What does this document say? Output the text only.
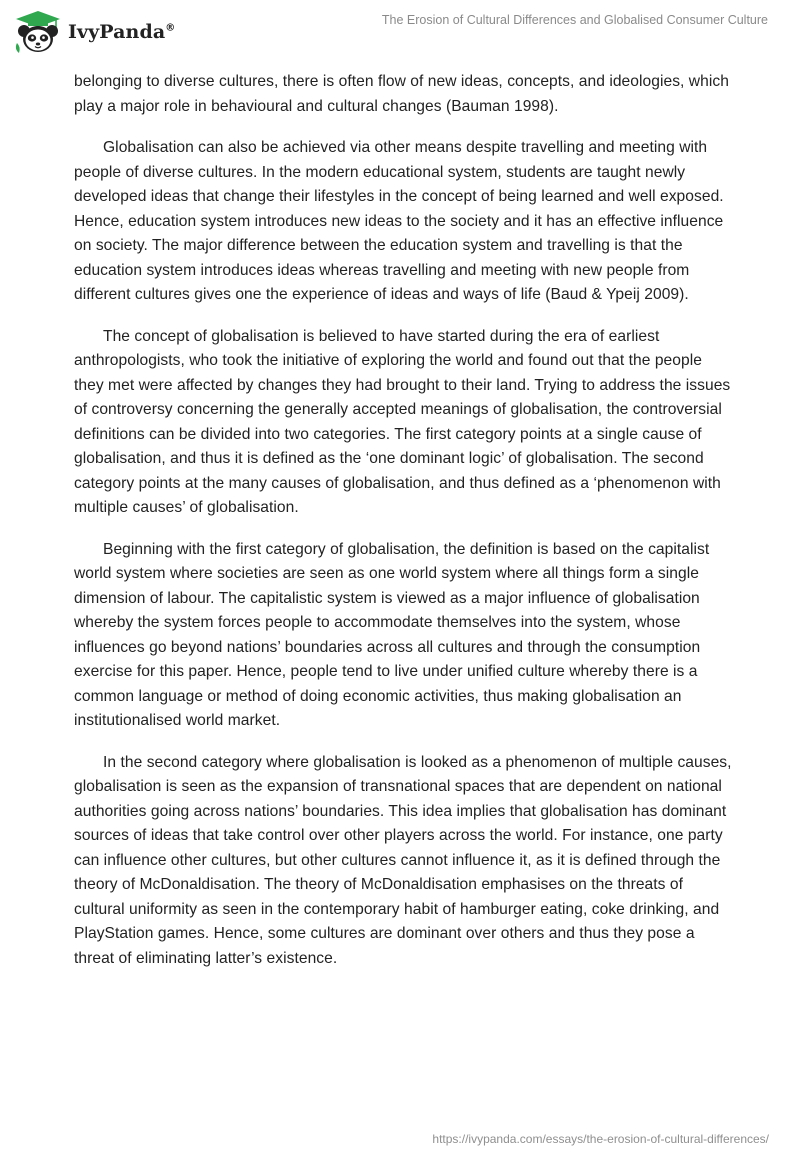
IvyPanda®
The Erosion of Cultural Differences and Globalised Consumer Culture

belonging to diverse cultures, there is often flow of new ideas, concepts, and ideologies, which play a major role in behavioural and cultural changes (Bauman 1998).

Globalisation can also be achieved via other means despite travelling and meeting with people of diverse cultures. In the modern educational system, students are taught newly developed ideas that change their lifestyles in the concept of being learned and well exposed. Hence, education system introduces new ideas to the society and it has an effective influence on society. The major difference between the education system and travelling is that the education system introduces ideas whereas travelling and meeting with new people from different cultures gives one the experience of ideas and ways of life (Baud & Ypeij 2009).

The concept of globalisation is believed to have started during the era of earliest anthropologists, who took the initiative of exploring the world and found out that the people they met were affected by changes they had brought to their land. Trying to address the issues of controversy concerning the generally accepted meanings of globalisation, the controversial definitions can be divided into two categories. The first category points at a single cause of globalisation, and thus it is defined as the ‘one dominant logic’ of globalisation. The second category points at the many causes of globalisation, and thus defined as a ‘phenomenon with multiple causes’ of globalisation.

Beginning with the first category of globalisation, the definition is based on the capitalist world system where societies are seen as one world system where all things form a single dimension of labour. The capitalistic system is viewed as a major influence of globalisation whereby the system forces people to accommodate themselves into the system, whose influences go beyond nations’ boundaries across all cultures and through the consumption exercise for this paper. Hence, people tend to live under unified culture whereby there is a common language or method of doing economic activities, thus making globalisation an institutionalised world market.

In the second category where globalisation is looked as a phenomenon of multiple causes, globalisation is seen as the expansion of transnational spaces that are dependent on national authorities going across nations’ boundaries. This idea implies that globalisation has dominant sources of ideas that take control over other players across the world. For instance, one party can influence other cultures, but other cultures cannot influence it, as it is defined through the theory of McDonaldisation. The theory of McDonaldisation emphasises on the threats of cultural uniformity as seen in the contemporary habit of hamburger eating, coke drinking, and PlayStation games. Hence, some cultures are dominant over others and thus they pose a threat of eliminating latter’s existence.

https://ivypanda.com/essays/the-erosion-of-cultural-differences/
